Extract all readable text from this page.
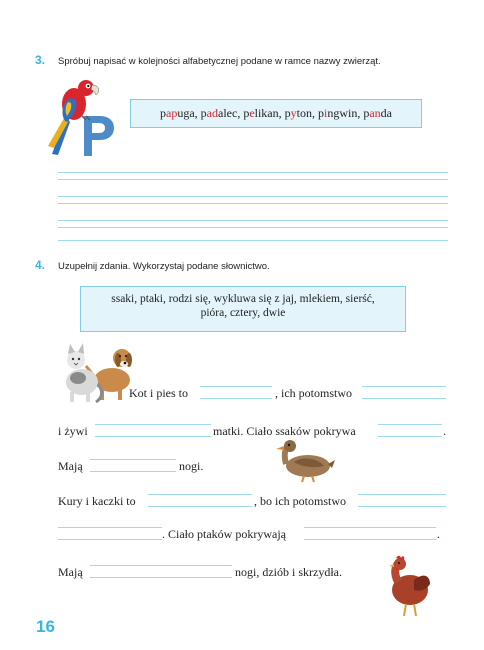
3. Spróbuj napisać w kolejności alfabetycznej podane w ramce nazwy zwierząt.
papuga, padalec, pelikan, pyton, pingwin, panda
4. Uzupełnij zdania. Wykorzystaj podane słownictwo.
ssaki, ptaki, rodzi się, wykluwa się z jaj, mlekiem, sierść,
pióra, cztery, dwie
Kot i pies to	, ich potomstwo
i żywi	matki. Ciało ssaków pokrywa	.
Mają	nogi.
Kury i kaczki to	, bo ich potomstwo
. Ciało ptaków pokrywają	.
Mają	nogi, dziób i skrzydła.
16
